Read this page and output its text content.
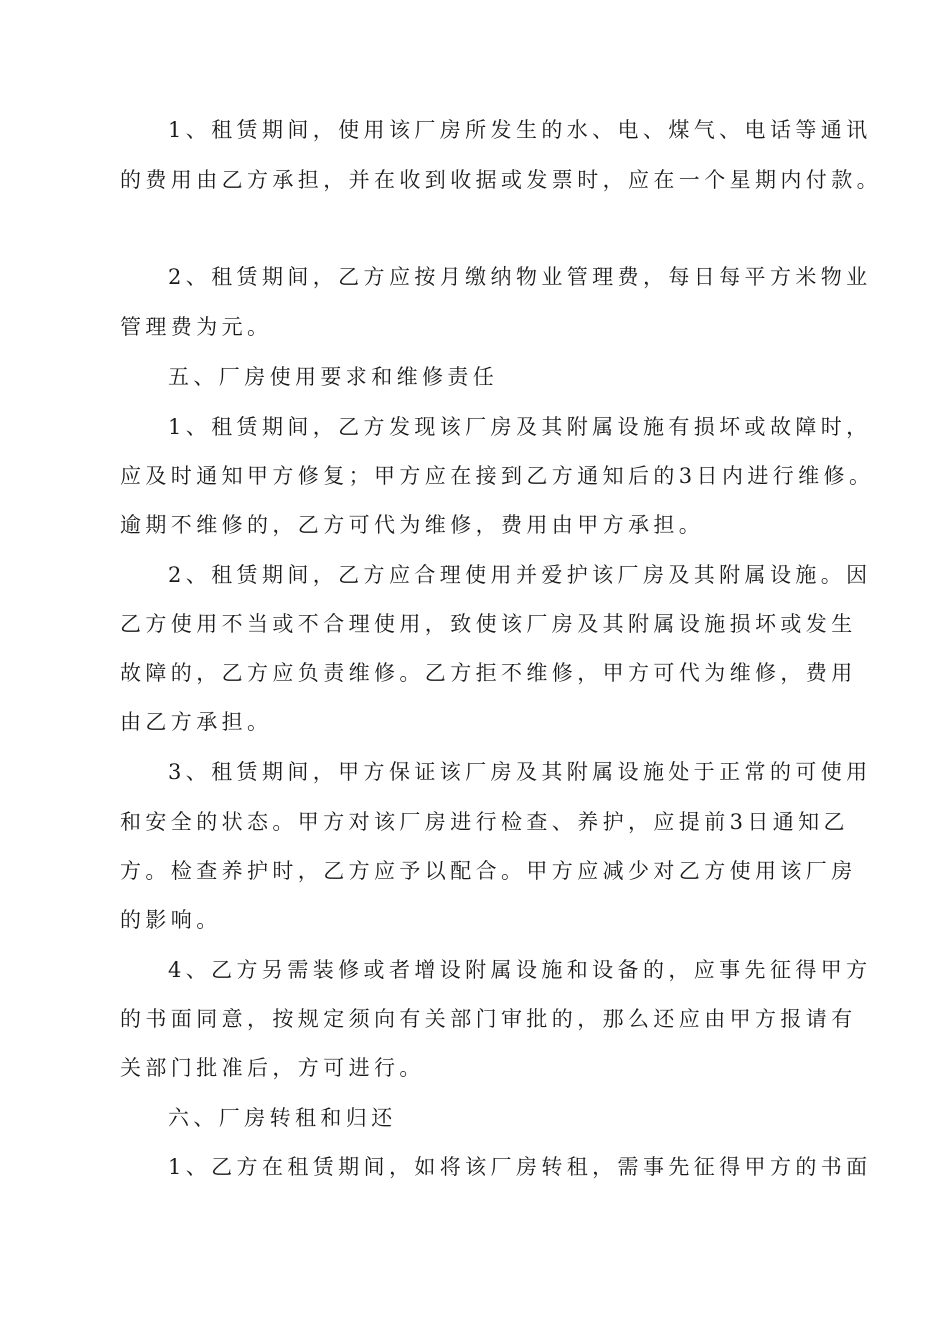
1、租赁期间，使用该厂房所发生的水、电、煤气、电话等通讯
的费用由乙方承担，并在收到收据或发票时，应在一个星期内付款。
2、租赁期间，乙方应按月缴纳物业管理费，每日每平方米物业
管理费为元。
五、厂房使用要求和维修责任
1、租赁期间，乙方发现该厂房及其附属设施有损坏或故障时，
应及时通知甲方修复；甲方应在接到乙方通知后的3日内进行维修。
逾期不维修的，乙方可代为维修，费用由甲方承担。
2、租赁期间，乙方应合理使用并爱护该厂房及其附属设施。因
乙方使用不当或不合理使用，致使该厂房及其附属设施损坏或发生
故障的，乙方应负责维修。乙方拒不维修，甲方可代为维修，费用
由乙方承担。
3、租赁期间，甲方保证该厂房及其附属设施处于正常的可使用
和安全的状态。甲方对该厂房进行检查、养护，应提前3日通知乙
方。检查养护时，乙方应予以配合。甲方应减少对乙方使用该厂房
的影响。
4、乙方另需装修或者增设附属设施和设备的，应事先征得甲方
的书面同意，按规定须向有关部门审批的，那么还应由甲方报请有
关部门批准后，方可进行。
六、厂房转租和归还
1、乙方在租赁期间，如将该厂房转租，需事先征得甲方的书面
